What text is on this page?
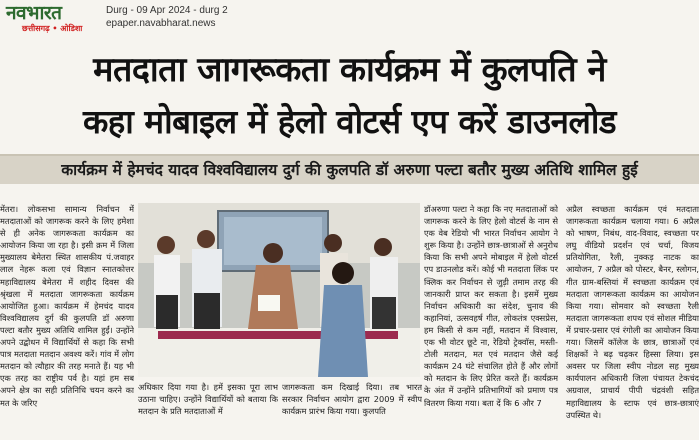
नवभारत
छत्तीसगढ़ • ओडिशा
Durg - 09 Apr 2024 - durg 2
epaper.navabharat.news
मतदाता जागरूकता कार्यक्रम में कुलपति ने
कहा मोबाइल में हेलो वोटर्स एप करें डाउनलोड
कार्यक्रम में हेमचंद यादव विश्वविद्यालय दुर्ग की कुलपति डॉ अरुणा पल्टा बतौर मुख्य अतिथि शामिल हुई
मेंतरा। लोकसभा सामान्य निर्वाचन में मतदाताओं को जागरूक करने के लिए हमेशा से ही अनेक जागरूकता कार्यक्रम का आयोजन किया जा रहा है। इसी क्रम में जिला मुख्यालय बेमेतरा स्थित शासकीय पं.जवाहर लाल नेहरू कला एवं विज्ञान स्नातकोत्तर महाविद्यालय बेमेतरा में शहीद दिवस की श्रृंखला में मतदाता जागरूकता कार्यक्रम आयोजित हुआ। कार्यक्रम में हेमचंद यादव विश्वविद्यालय दुर्ग की कुलपति डॉ अरुणा पल्टा बतौर मुख्य अतिथि शामिल हुईं। उन्होंने अपने उद्बोधन में विद्यार्थियों से कहा कि सभी पात्र मतदाता मतदान अवश्य करें। गांव में लोग मतदान को त्यौहार की तरह मनाते हैं। यह भी एक तरह का राष्ट्रीय पर्व है। यहां हम सब अपने क्षेत्र का सही प्रतिनिधि चयन करने का मत के जरिए
अधिकार दिया गया है। हमें इसका पूरा लाभ उठाना चाहिए। उन्होंने विद्यार्थियों को बताया कि मतदान के प्रति मतदाताओं में
जागरूकता कम दिखाई दिया। तब भारत सरकार निर्वाचन आयोग द्वारा 2009 में स्वीप कार्यक्रम प्रारंभ किया गया। कुलपति
डॉअरुणा पल्टा ने कहा कि नए मतदाताओं को जागरूक करने के लिए हेलो वोटर्स के नाम से एक वेब रेडियो भी भारत निर्वाचन आयोग ने शुरू किया है। उन्होंने छात्र-छात्राओं से अनुरोध किया कि सभी अपने मोबाइल में हेलो वोटर्स एप डाउनलोड करें। कोई भी मतदाता लिंक पर क्लिक कर निर्वाचन से जुड़ी तमाम तरह की जानकारी प्राप्त कर सकता है। इसमें मुख्य निर्वाचन अधिकारी का संदेश, चुनाव की कहानियां, उत्सवहर्ष गीत, लोकतंत्र एक्सप्रेस, हम किसी से कम नहीं, मतदान में विश्वास, एक भी वोटर छूटे ना, रेडियो ट्रेक्वॉस, मस्ती-टोली मतदान, मत एवं मतदान जैसे कई कार्यक्रम 24 घंटे संचालित होते हैं और लोगों को मतदान के लिए प्रेरित करते हैं। कार्यक्रम के अंत में उन्होंने प्रतिभागियों को प्रमाण पत्र वितरण किया गया। बता दें कि 6 और 7
अप्रैल स्वच्छता कार्यक्रम एवं मतदाता जागरूकता कार्यक्रम चलाया गया। 6 अप्रैल को भाषण, निबंध, वाद-विवाद, स्वच्छता पर लघु वीडियो प्रदर्शन एवं चर्चा, विजय प्रतियोगिता, रैली, नुक्कड़ नाटक का आयोजन, 7 अप्रैल को पोस्टर, बैनर, स्लोगन, गीत ग्राम-बस्तियां में स्वच्छता कार्यक्रम एवं मतदाता जागरूकता कार्यक्रम का आयोजन किया गया। सोमवार को स्वच्छता रैली मतदाता जागरूकता शपथ एवं सोशल मीडिया में प्रचार-प्रसार एवं रंगोली का आयोजन किया गया। जिसमें कॉलेज के छात्र, छात्राओं एवं शिक्षकों ने बढ़ चढ़कर हिस्सा लिया। इस अवसर पर जिला स्वीप नोडल सह मुख्य कार्यपालन अधिकारी जिला पंचायत टेकचंद अग्रवाल, प्राचार्य पीपी चंद्रवंशी सहित महाविद्यालय के स्टाफ एवं छात्र-छात्राएं उपस्थित थे।
